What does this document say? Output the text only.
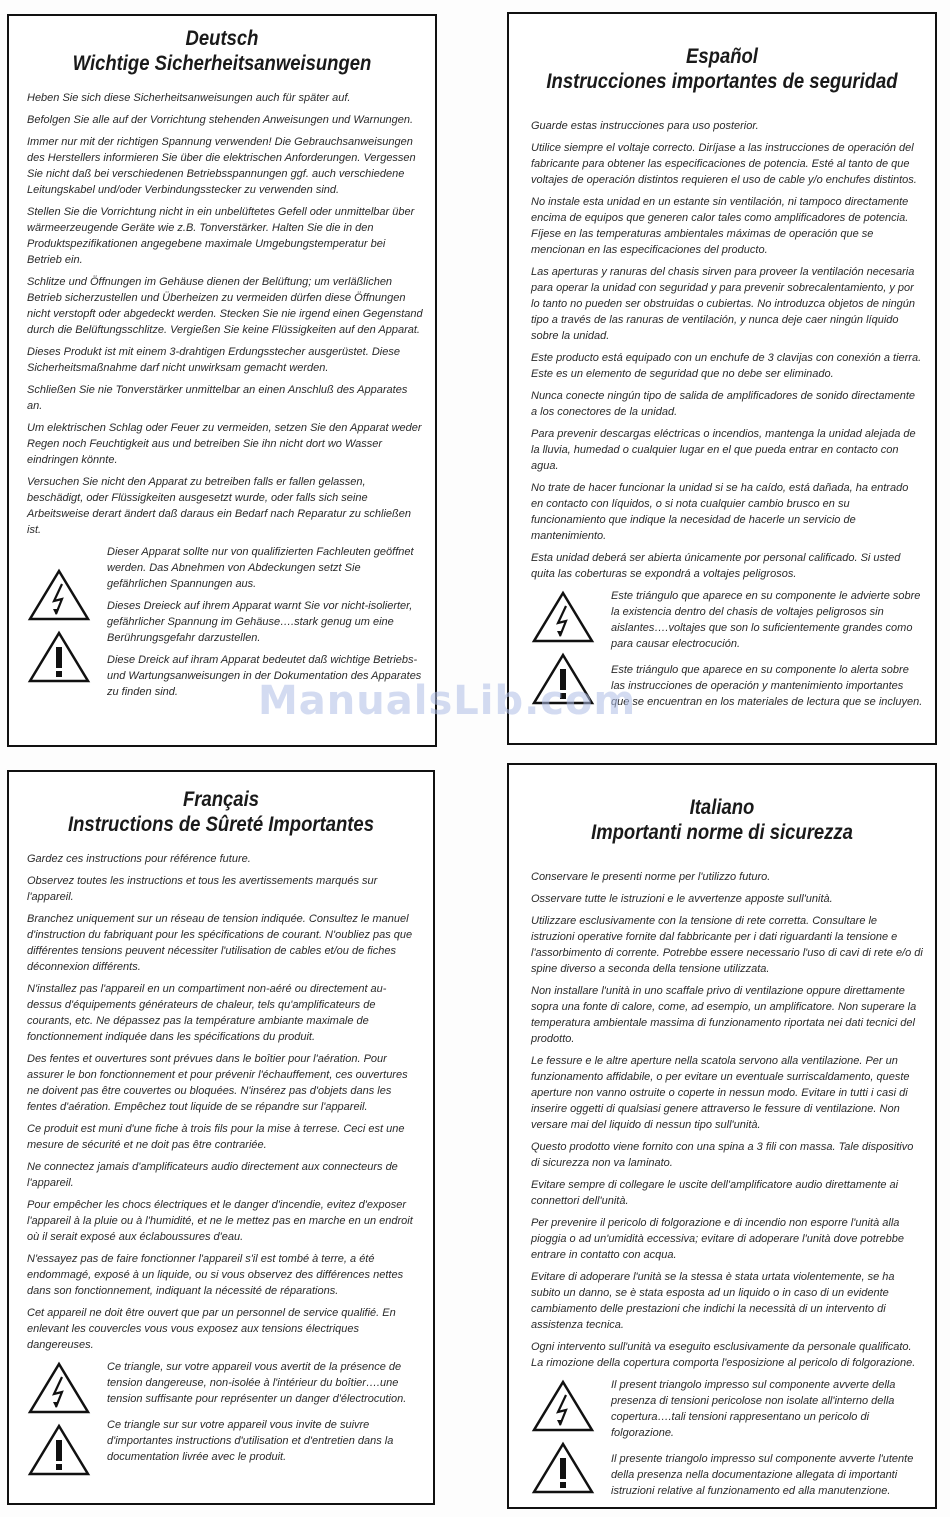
Deutsch
Wichtige Sicherheitsanweisungen

Heben Sie sich diese Sicherheitsanweisungen auch für später auf.

Befolgen Sie alle auf der Vorrichtung stehenden Anweisungen und Warnungen.

Immer nur mit der richtigen Spannung verwenden! Die Gebrauchsanweisungen des Herstellers informieren Sie über die elektrischen Anforderungen. Vergessen Sie nicht daß bei verschiedenen Betriebsspannungen ggf. auch verschiedene Leitungskabel und/oder Verbindungsstecker zu verwenden sind.

Stellen Sie die Vorrichtung nicht in ein unbelüftetes Gefell oder unmittelbar über wärmeerzeugende Geräte wie z.B. Tonverstärker. Halten Sie die in den Produktspezifikationen angegebene maximale Umgebungstemperatur bei Betrieb ein.

Schlitze und Öffnungen im Gehäuse dienen der Belüftung; um verläßlichen Betrieb sicherzustellen und Überheizen zu vermeiden dürfen diese Öffnungen nicht verstopft oder abgedeckt werden. Stecken Sie nie irgend einen Gegenstand durch die Belüftungsschlitze. Vergießen Sie keine Flüssigkeiten auf den Apparat.

Dieses Produkt ist mit einem 3-drahtigen Erdungsstecher ausgerüstet. Diese Sicherheitsmaßnahme darf nicht unwirksam gemacht werden.

Schließen Sie nie Tonverstärker unmittelbar an einen Anschluß des Apparates an.

Um elektrischen Schlag oder Feuer zu vermeiden, setzen Sie den Apparat weder Regen noch Feuchtigkeit aus und betreiben Sie ihn nicht dort wo Wasser eindringen könnte.

Versuchen Sie nicht den Apparat zu betreiben falls er fallen gelassen, beschädigt, oder Flüssigkeiten ausgesetzt wurde, oder falls sich seine Arbeitsweise derart ändert daß daraus ein Bedarf nach Reparatur zu schließen ist.

Dieser Apparat sollte nur von qualifizierten Fachleuten geöffnet werden. Das Abnehmen von Abdeckungen setzt Sie gefährlichen Spannungen aus.

Dieses Dreieck auf ihrem Apparat warnt Sie vor nicht-isolierter, gefährlicher Spannung im Gehäuse….stark genug um eine Berührungsgefahr darzustellen.

Diese Dreick auf ihram Apparat bedeutet daß wichtige Betriebs- und Wartungsanweisungen in der Dokumentation des Apparates zu finden sind.

Español
Instrucciones importantes de seguridad

Guarde estas instrucciones para uso posterior.

Utilice siempre el voltaje correcto. Diríjase a las instrucciones de operación del fabricante para obtener las especificaciones de potencia. Esté al tanto de que voltajes de operación distintos requieren el uso de cable y/o enchufes distintos.

No instale esta unidad en un estante sin ventilación, ni tampoco directamente encima de equipos que generen calor tales como amplificadores de potencia. Fíjese en las temperaturas ambientales máximas de operación que se mencionan en las especificaciones del producto.

Las aperturas y ranuras del chasis sirven para proveer la ventilación necesaria para operar la unidad con seguridad y para prevenir sobrecalentamiento, y por lo tanto no pueden ser obstruidas o cubiertas. No introduzca objetos de ningún tipo a través de las ranuras de ventilación, y nunca deje caer ningún líquido sobre la unidad.

Este producto está equipado con un enchufe de 3 clavijas con conexión a tierra. Este es un elemento de seguridad que no debe ser eliminado.

Nunca conecte ningún tipo de salida de amplificadores de sonido directamente a los conectores de la unidad.

Para prevenir descargas eléctricas o incendios, mantenga la unidad alejada de la lluvia, humedad o cualquier lugar en el que pueda entrar en contacto con agua.

No trate de hacer funcionar la unidad si se ha caído, está dañada, ha entrado en contacto con líquidos, o si nota cualquier cambio brusco en su funcionamiento que indique la necesidad de hacerle un servicio de mantenimiento.

Esta unidad deberá ser abierta únicamente por personal calificado. Si usted quita las coberturas se expondrá a voltajes peligrosos.

Este triángulo que aparece en su componente le advierte sobre la existencia dentro del chasis de voltajes peligrosos sin aislantes….voltajes que son lo suficientemente grandes como para causar electrocución.

Este triángulo que aparece en su componente lo alerta sobre las instrucciones de operación y mantenimiento importantes que se encuentran en los materiales de lectura que se incluyen.

Français
Instructions de Sûreté Importantes

Gardez ces instructions pour référence future.

Observez toutes les instructions et tous les avertissements marqués sur l'appareil.

Branchez uniquement sur un réseau de tension indiquée. Consultez le manuel d'instruction du fabriquant pour les spécifications de courant. N'oubliez pas que différentes tensions peuvent nécessiter l'utilisation de cables et/ou de fiches déconnexion différents.

N'installez pas l'appareil en un compartiment non-aéré ou directement au-dessus d'équipements générateurs de chaleur, tels qu'amplificateurs de courants, etc. Ne dépassez pas la température ambiante maximale de fonctionnement indiquée dans les spécifications du produit.

Des fentes et ouvertures sont prévues dans le boîtier pour l'aération. Pour assurer le bon fonctionnement et pour prévenir l'échauffement, ces ouvertures ne doivent pas être couvertes ou bloquées. N'insérez pas d'objets dans les fentes d'aération. Empêchez tout liquide de se répandre sur l'appareil.

Ce produit est muni d'une fiche à trois fils pour la mise à terrese. Ceci est une mesure de sécurité et ne doit pas être contrariée.

Ne connectez jamais d'amplificateurs audio directement aux connecteurs de l'appareil.

Pour empêcher les chocs électriques et le danger d'incendie, evitez d'exposer l'appareil à la pluie ou à l'humidité, et ne le mettez pas en marche en un endroit où il serait exposé aux éclaboussures d'eau.

N'essayez pas de faire fonctionner l'appareil s'il est tombé à terre, a été endommagé, exposé à un liquide, ou si vous observez des différences nettes dans son fonctionnement, indiquant la nécessité de réparations.

Cet appareil ne doit être ouvert que par un personnel de service qualifié. En enlevant les couvercles vous vous exposez aux tensions électriques dangereuses.

Ce triangle, sur votre appareil vous avertit de la présence de tension dangereuse, non-isolée à l'intérieur du boîtier….une tension suffisante pour représenter un danger d'électrocution.

Ce triangle sur sur votre appareil vous invite de suivre d'importantes instructions d'utilisation et d'entretien dans la documentation livrée avec le produit.

Italiano
Importanti norme di sicurezza

Conservare le presenti norme per l'utilizzo futuro.

Osservare tutte le istruzioni e le avvertenze apposte sull'unità.

Utilizzare esclusivamente con la tensione di rete corretta. Consultare le istruzioni operative fornite dal fabbricante per i dati riguardanti la tensione e l'assorbimento di corrente. Potrebbe essere necessario l'uso di cavi di rete e/o di spine diverso a seconda della tensione utilizzata.

Non installare l'unità in uno scaffale privo di ventilazione oppure direttamente sopra una fonte di calore, come, ad esempio, un amplificatore. Non superare la temperatura ambientale massima di funzionamento riportata nei dati tecnici del prodotto.

Le fessure e le altre aperture nella scatola servono alla ventilazione. Per un funzionamento affidabile, o per evitare un eventuale surriscaldamento, queste aperture non vanno ostruite o coperte in nessun modo. Evitare in tutti i casi di inserire oggetti di qualsiasi genere attraverso le fessure di ventilazione. Non versare mai del liquido di nessun tipo sull'unità.

Questo prodotto viene fornito con una spina a 3 fili con massa. Tale dispositivo di sicurezza non va laminato.

Evitare sempre di collegare le uscite dell'amplificatore audio direttamente ai connettori dell'unità.

Per prevenire il pericolo di folgorazione e di incendio non esporre l'unità alla pioggia o ad un'umidità eccessiva; evitare di adoperare l'unità dove potrebbe entrare in contatto con acqua.

Evitare di adoperare l'unità se la stessa è stata urtata violentemente, se ha subito un danno, se è stata esposta ad un liquido o in caso di un evidente cambiamento delle prestazioni che indichi la necessità di un intervento di assistenza tecnica.

Ogni intervento sull'unità va eseguito esclusivamente da personale qualificato. La rimozione della copertura comporta l'esposizione al pericolo di folgorazione.

Il present triangolo impresso sul componente avverte della presenza di tensioni pericolose non isolate all'interno della copertura….tali tensioni rappresentano un pericolo di folgorazione.

Il presente triangolo impresso sul componente avverte l'utente della presenza nella documentazione allegata di importanti istruzioni relative al funzionamento ed alla manutenzione.

ManualsLib.com
